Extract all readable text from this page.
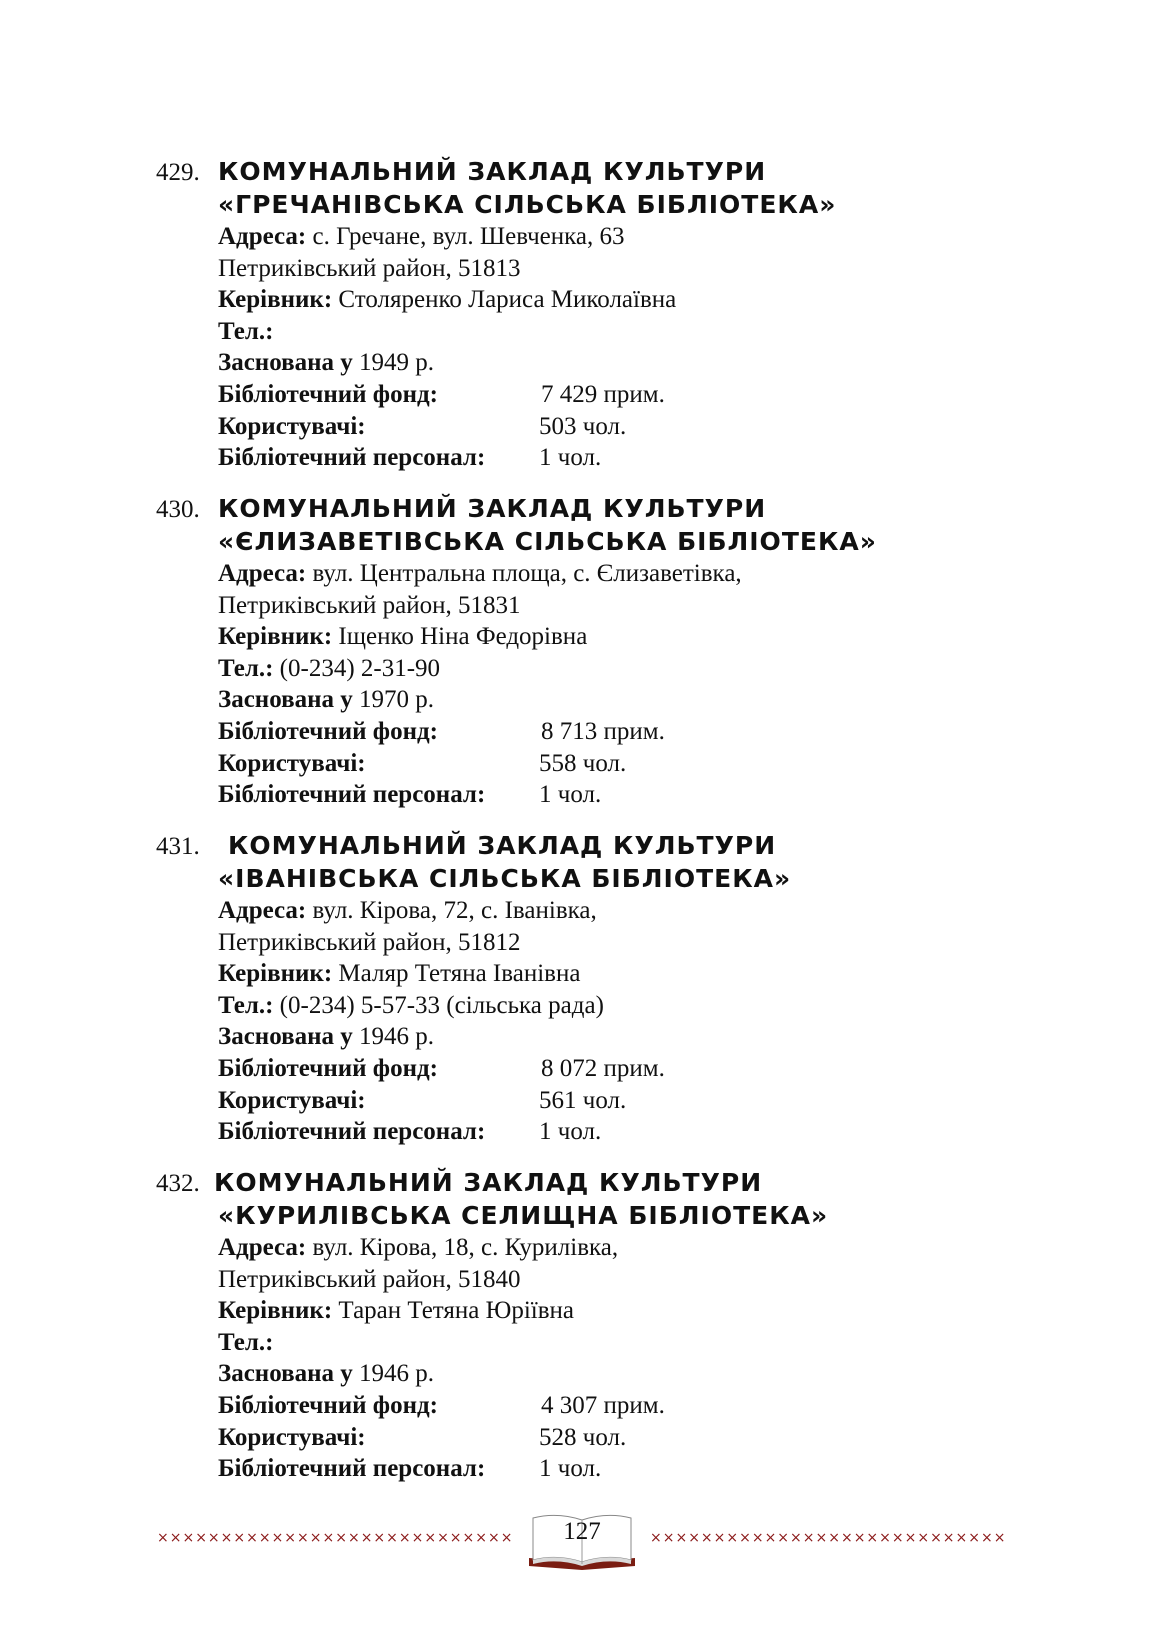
429. КОМУНАЛЬНИЙ ЗАКЛАД КУЛЬТУРИ
«ГРЕЧАНІВСЬКА СІЛЬСЬКА БІБЛІОТЕКА»
Адреса: с. Гречане, вул. Шевченка, 63
Петриківський район, 51813
Керівник: Столяренко Лариса Миколаївна
Тел.:
Заснована у 1949 р.
Бібліотечний фонд:	7 429 прим.
Користувачі:	503 чол.
Бібліотечний персонал: 1 чол.
430. КОМУНАЛЬНИЙ ЗАКЛАД КУЛЬТУРИ
«ЄЛИЗАВЕТІВСЬКА СІЛЬСЬКА БІБЛІОТЕКА»
Адреса: вул. Центральна площа, с. Єлизаветівка,
Петриківський район, 51831
Керівник: Іщенко Ніна Федорівна
Тел.: (0-234) 2-31-90
Заснована у 1970 р.
Бібліотечний фонд:	8 713 прим.
Користувачі:	558 чол.
Бібліотечний персонал: 1 чол.
431. КОМУНАЛЬНИЙ ЗАКЛАД КУЛЬТУРИ
«ІВАНІВСЬКА СІЛЬСЬКА БІБЛІОТЕКА»
Адреса: вул. Кірова, 72, с. Іванівка,
Петриківський район, 51812
Керівник: Маляр Тетяна Іванівна
Тел.: (0-234) 5-57-33 (сільська рада)
Заснована у 1946 р.
Бібліотечний фонд:	8 072 прим.
Користувачі:	561 чол.
Бібліотечний персонал: 1 чол.
432. КОМУНАЛЬНИЙ ЗАКЛАД КУЛЬТУРИ
«КУРИЛІВСЬКА СЕЛИЩНА БІБЛІОТЕКА»
Адреса: вул. Кірова, 18, с. Курилівка,
Петриківський район, 51840
Керівник: Таран Тетяна Юріївна
Тел.:
Заснована у 1946 р.
Бібліотечний фонд:	4 307 прим.
Користувачі:	528 чол.
Бібліотечний персонал: 1 чол.
××××××××××××××××××××××××××××	127	××××××××××××××××××××××××××××
